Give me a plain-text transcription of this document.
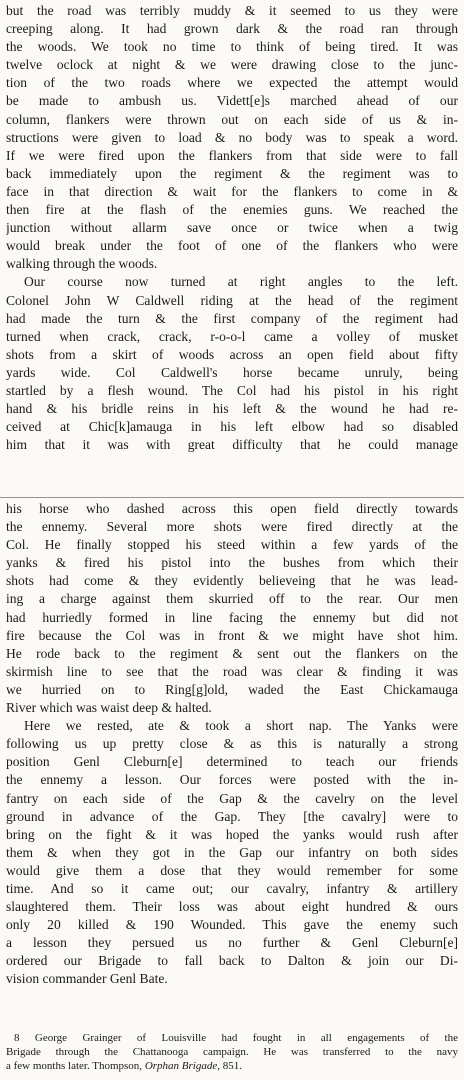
but the road was terribly muddy & it seemed to us they were
creeping along. It had grown dark & the road ran through
the woods. We took no time to think of being tired. It was
twelve oclock at night & we were drawing close to the junc-
tion of the two roads where we expected the attempt would
be made to ambush us. Vidett[e]s marched ahead of our
column, flankers were thrown out on each side of us & in-
structions were given to load & no body was to speak a word.
If we were fired upon the flankers from that side were to fall
back immediately upon the regiment & the regiment was to
face in that direction & wait for the flankers to come in &
then fire at the flash of the enemies guns. We reached the
junction without allarm save once or twice when a twig
would break under the foot of one of the flankers who were
walking through the woods.
Our course now turned at right angles to the left.
Colonel John W Caldwell riding at the head of the regiment
had made the turn & the first company of the regiment had
turned when crack, crack, r-o-o-l came a volley of musket
shots from a skirt of woods across an open field about fifty
yards wide. Col Caldwell's horse became unruly, being
startled by a flesh wound. The Col had his pistol in his right
hand & his bridle reins in his left & the wound he had re-
ceived at Chic[k]amauga in his left elbow had so disabled
him that it was with great difficulty that he could manage
his horse who dashed across this open field directly towards
the ennemy. Several more shots were fired directly at the
Col. He finally stopped his steed within a few yards of the
yanks & fired his pistol into the bushes from which their
shots had come & they evidently believeing that he was lead-
ing a charge against them skurried off to the rear. Our men
had hurriedly formed in line facing the ennemy but did not
fire because the Col was in front & we might have shot him.
He rode back to the regiment & sent out the flankers on the
skirmish line to see that the road was clear & finding it was
we hurried on to Ring[g]old, waded the East Chickamauga
River which was waist deep & halted.
Here we rested, ate & took a short nap. The Yanks were
following us up pretty close & as this is naturally a strong
position Genl Cleburn[e] determined to teach our friends
the ennemy a lesson. Our forces were posted with the in-
fantry on each side of the Gap & the cavelry on the level
ground in advance of the Gap. They [the cavalry] were to
bring on the fight & it was hoped the yanks would rush after
them & when they got in the Gap our infantry on both sides
would give them a dose that they would remember for some
time. And so it came out; our cavalry, infantry & artillery
slaughtered them. Their loss was about eight hundred & ours
only 20 killed & 190 Wounded. This gave the enemy such
a lesson they persued us no further & Genl Cleburn[e]
ordered our Brigade to fall back to Dalton & join our Di-
vision commander Genl Bate.
8 George Grainger of Louisville had fought in all engagements of the
Brigade through the Chattanooga campaign. He was transferred to the navy
a few months later. Thompson, Orphan Brigade, 851.
